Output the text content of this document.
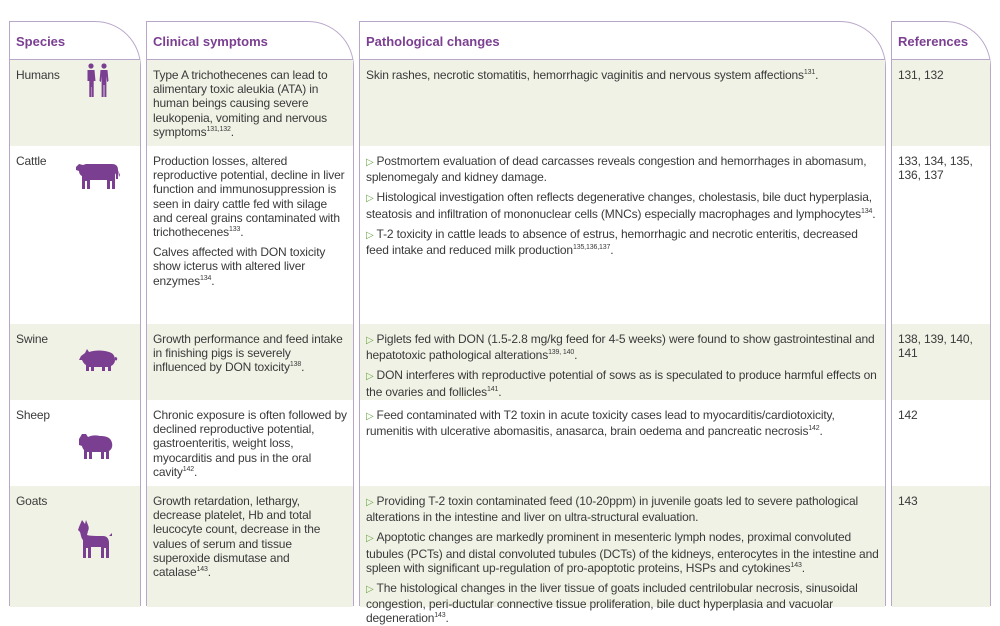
Species
Humans
Cattle
Swine
Sheep
Goats
Clinical symptoms

Type A trichothecenes can lead to alimentary toxic aleukia (ATA) in human beings causing severe leukopenia, vomiting and nervous symptoms$^{131,132}$.

Production losses, altered reproductive potential, decline in liver function and immunosuppression is seen in dairy cattle fed with silage and cereal grains contaminated with trichothecenes$^{133}$.

Calves affected with DON toxicity show icterus with altered liver enzymes$^{134}$.

Growth performance and feed intake in finishing pigs is severely influenced by DON toxicity$^{138}$.

Chronic exposure is often followed by declined reproductive potential, gastroenteritis, weight loss, myocarditis and pus in the oral cavity$^{142}$.

Growth retardation, lethargy, decrease platelet, Hb and total leucocyte count, decrease in the values of serum and tissue superoxide dismutase and catalase$^{143}$.

Pathological changes

Skin rashes, necrotic stomatitis, hemorrhagic vaginitis and nervous system affections$^{131}$.

▷ Postmortem evaluation of dead carcasses reveals congestion and hemorrhages in abomasum, splenomegaly and kidney damage.

▷ Histological investigation often reflects degenerative changes, cholestasis, bile duct hyperplasia, steatosis and infiltration of mononuclear cells (MNCs) especially macrophages and lymphocytes$^{134}$.

▷ T-2 toxicity in cattle leads to absence of estrus, hemorrhagic and necrotic enteritis, decreased feed intake and reduced milk production$^{135,136,137}$.

▷ Piglets fed with DON (1.5-2.8 mg/kg feed for 4-5 weeks) were found to show gastrointestinal and hepatotoxic pathological alterations$^{139, 140}$.

▷ DON interferes with reproductive potential of sows as is speculated to produce harmful effects on the ovaries and follicles$^{141}$.

▷ Feed contaminated with T2 toxin in acute toxicity cases lead to myocarditis/cardiotoxicity, rumenitis with ulcerative abomasitis, anasarca, brain oedema and pancreatic necrosis$^{142}$.

▷ Providing T-2 toxin contaminated feed (10-20ppm) in juvenile goats led to severe pathological alterations in the intestine and liver on ultra-structural evaluation.

▷ Apoptotic changes are markedly prominent in mesenteric lymph nodes, proximal convoluted tubules (PCTs) and distal convoluted tubules (DCTs) of the kidneys, enterocytes in the intestine and spleen with significant up-regulation of pro-apoptotic proteins, HSPs and cytokines$^{143}$.

▷ The histological changes in the liver tissue of goats included centrilobular necrosis, sinusoidal congestion, peri-ductular connective tissue proliferation, bile duct hyperplasia and vacuolar degeneration$^{143}$.

References
131, 132
133, 134, 135, 136, 137
138, 139, 140, 141
142
143
